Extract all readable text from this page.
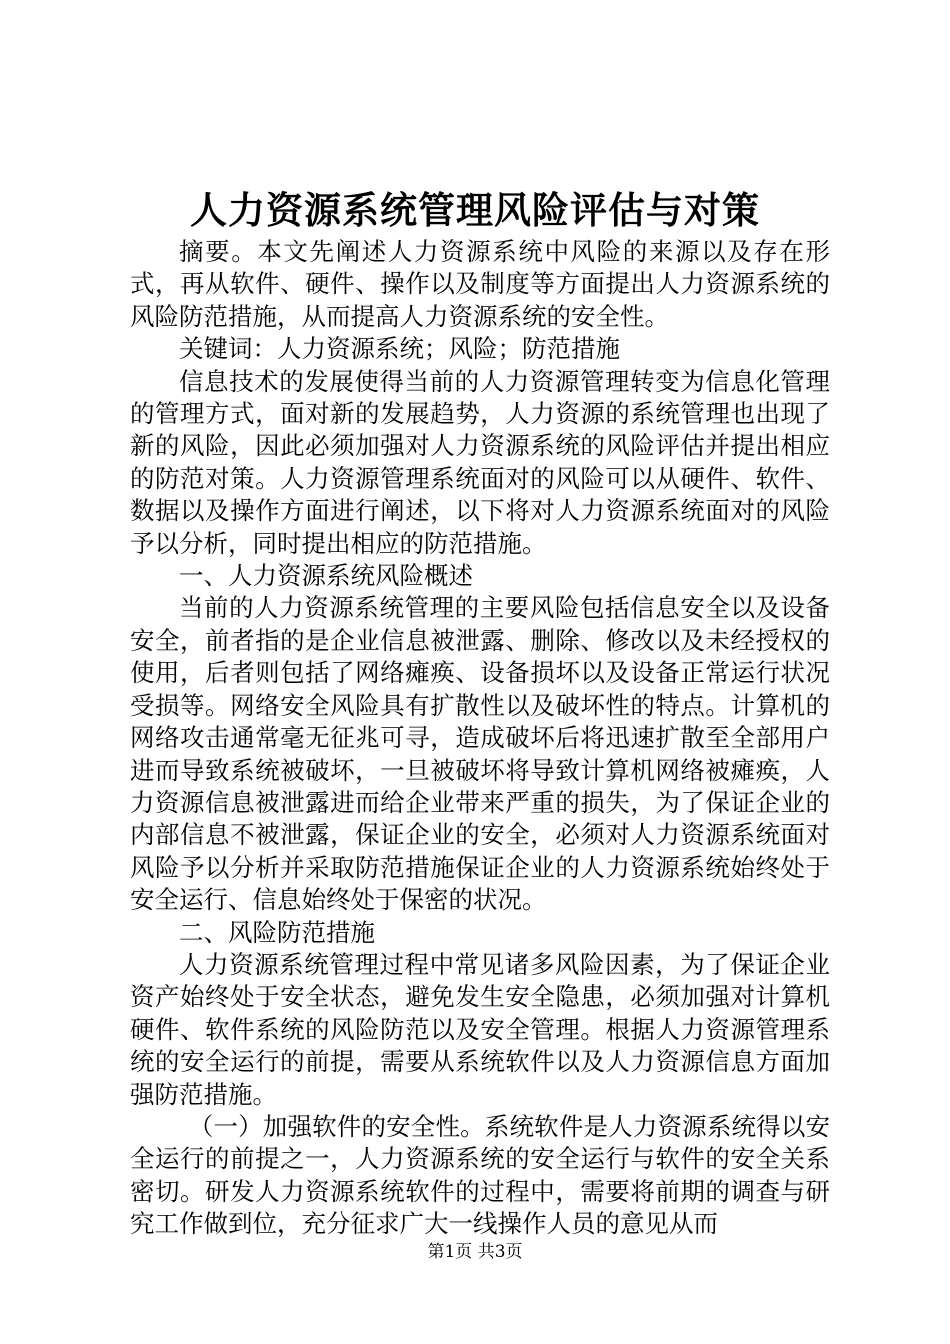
人力资源系统管理风险评估与对策

摘要。本文先阐述人力资源系统中风险的来源以及存在形式，再从软件、硬件、操作以及制度等方面提出人力资源系统的风险防范措施，从而提高人力资源系统的安全性。

关键词：人力资源系统；风险；防范措施

信息技术的发展使得当前的人力资源管理转变为信息化管理的管理方式，面对新的发展趋势，人力资源的系统管理也出现了新的风险，因此必须加强对人力资源系统的风险评估并提出相应的防范对策。人力资源管理系统面对的风险可以从硬件、软件、数据以及操作方面进行阐述，以下将对人力资源系统面对的风险予以分析，同时提出相应的防范措施。

一、人力资源系统风险概述

当前的人力资源系统管理的主要风险包括信息安全以及设备安全，前者指的是企业信息被泄露、删除、修改以及未经授权的使用，后者则包括了网络瘫痪、设备损坏以及设备正常运行状况受损等。网络安全风险具有扩散性以及破坏性的特点。计算机的网络攻击通常毫无征兆可寻，造成破坏后将迅速扩散至全部用户进而导致系统被破坏，一旦被破坏将导致计算机网络被瘫痪，人力资源信息被泄露进而给企业带来严重的损失，为了保证企业的内部信息不被泄露，保证企业的安全，必须对人力资源系统面对风险予以分析并采取防范措施保证企业的人力资源系统始终处于安全运行、信息始终处于保密的状况。

二、风险防范措施

人力资源系统管理过程中常见诸多风险因素，为了保证企业资产始终处于安全状态，避免发生安全隐患，必须加强对计算机硬件、软件系统的风险防范以及安全管理。根据人力资源管理系统的安全运行的前提，需要从系统软件以及人力资源信息方面加强防范措施。

（一）加强软件的安全性。系统软件是人力资源系统得以安全运行的前提之一，人力资源系统的安全运行与软件的安全关系密切。研发人力资源系统软件的过程中，需要将前期的调查与研究工作做到位，充分征求广大一线操作人员的意见从而

第1页 共3页
